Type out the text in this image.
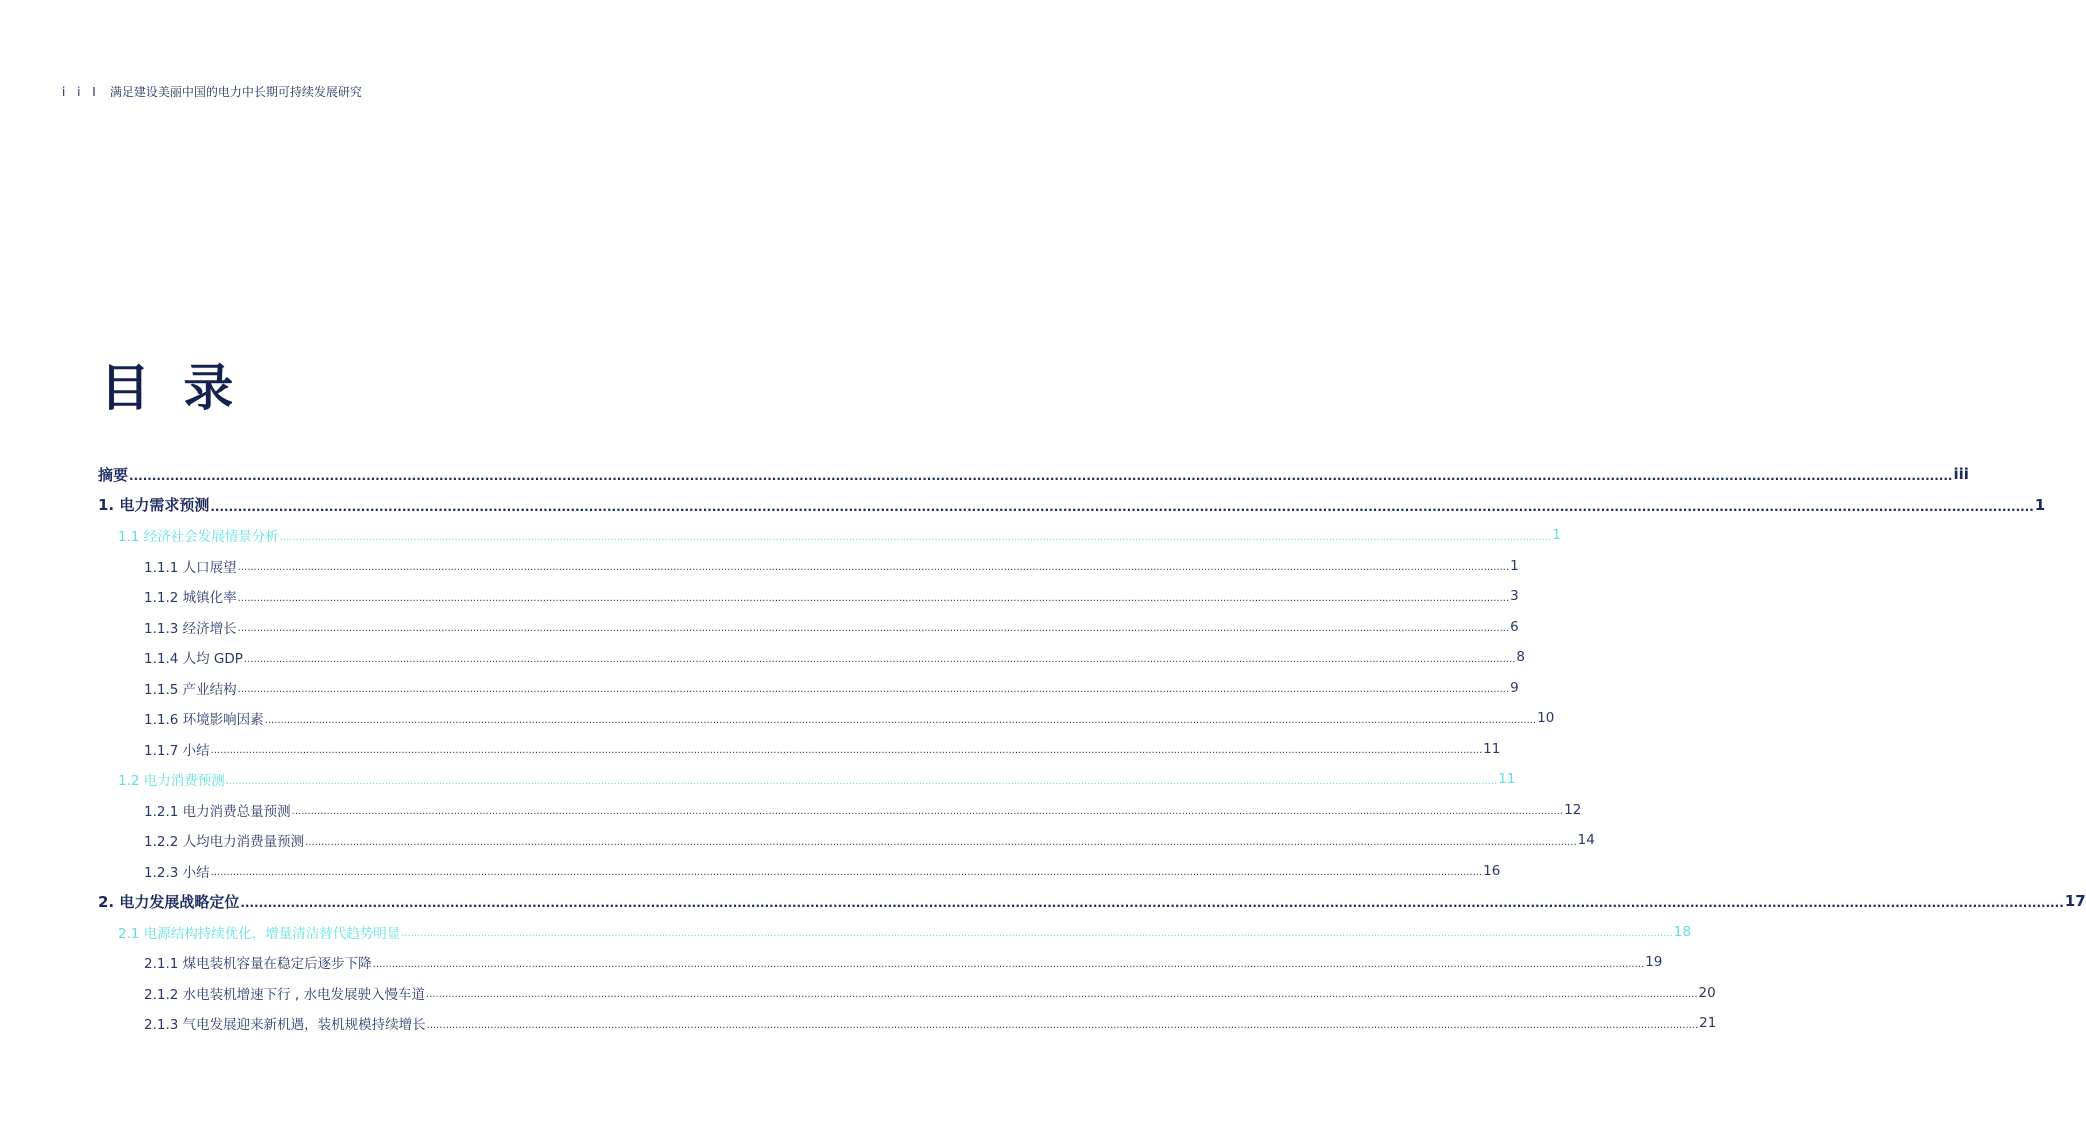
i i I 满足建设美丽中国的电力中长期可持续发展研究
目 录
摘要 ................................................................................................................................................................................................................................................................................................................................................................................................................ iii
1. 电力需求预测 ................................................................................................................................................................................................................................................................................................................................................................................................................ 1
1.1 经济社会发展情景分析 ................................................................................................................................................................................................................................................................................................................................................................................................................ 1
1.1.1 人口展望 ................................................................................................................................................................................................................................................................................................................................................................................................................ 1
1.1.2 城镇化率 ................................................................................................................................................................................................................................................................................................................................................................................................................ 3
1.1.3 经济增长 ................................................................................................................................................................................................................................................................................................................................................................................................................ 6
1.1.4 人均 GDP ................................................................................................................................................................................................................................................................................................................................................................................................................ 8
1.1.5 产业结构 ................................................................................................................................................................................................................................................................................................................................................................................................................ 9
1.1.6 环境影响因素 ................................................................................................................................................................................................................................................................................................................................................................................................................ 10
1.1.7 小结 ................................................................................................................................................................................................................................................................................................................................................................................................................ 11
1.2 电力消费预测 ................................................................................................................................................................................................................................................................................................................................................................................................................ 11
1.2.1 电力消费总量预测 ................................................................................................................................................................................................................................................................................................................................................................................................................ 12
1.2.2 人均电力消费量预测 ................................................................................................................................................................................................................................................................................................................................................................................................................ 14
1.2.3 小结 ................................................................................................................................................................................................................................................................................................................................................................................................................ 16
2. 电力发展战略定位 ................................................................................................................................................................................................................................................................................................................................................................................................................ 17
2.1 电源结构持续优化，增量清洁替代趋势明显 ................................................................................................................................................................................................................................................................................................................................................................................................................ 18
2.1.1 煤电装机容量在稳定后逐步下降 ................................................................................................................................................................................................................................................................................................................................................................................................................ 19
2.1.2 水电装机增速下行 , 水电发展驶入慢车道 ................................................................................................................................................................................................................................................................................................................................................................................................................ 20
2.1.3 气电发展迎来新机遇，装机规模持续增长 ................................................................................................................................................................................................................................................................................................................................................................................................................ 21
